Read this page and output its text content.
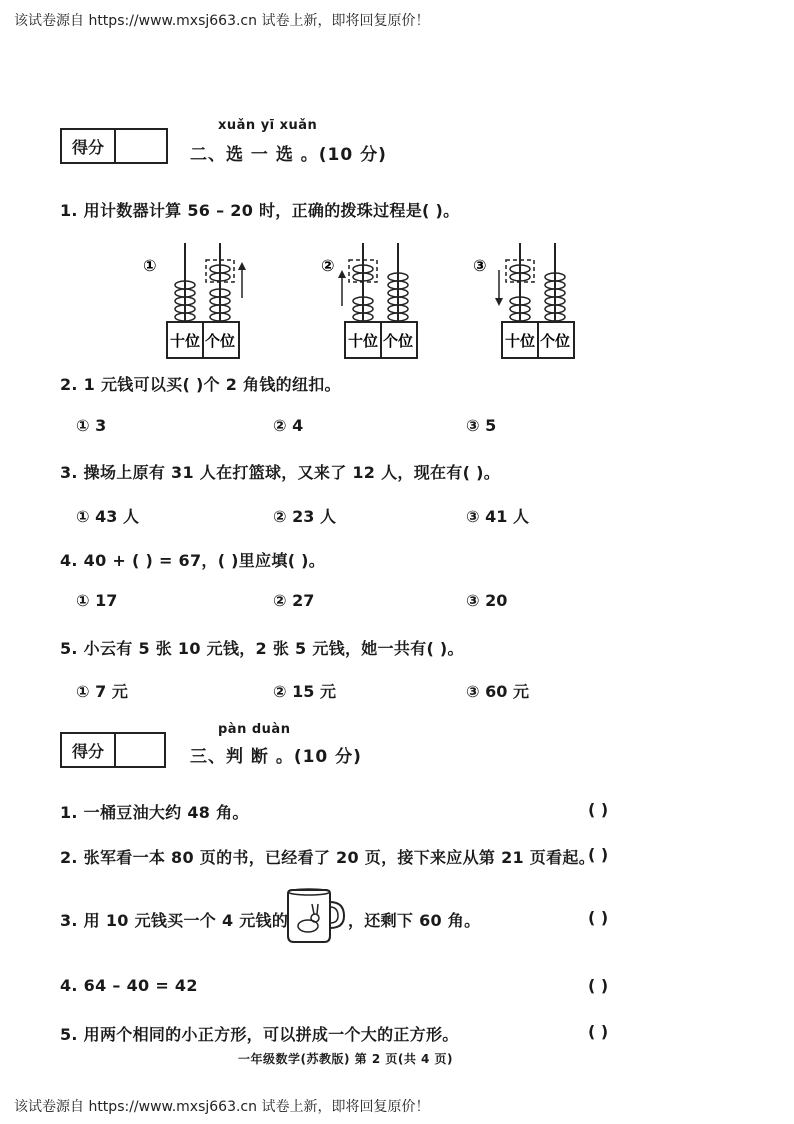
该试卷源自 https://www.mxsj663.cn 试卷上新，即将回复原价！
得分
xuǎn yī xuǎn
二、选 一 选 。(10 分)
1. 用计数器计算 56 – 20 时，正确的拨珠过程是( )。
①
十位 个位
②
十位 个位
③
十位 个位
2. 1 元钱可以买( )个 2 角钱的纽扣。
① 3	② 4	③ 5
3. 操场上原有 31 人在打篮球，又来了 12 人，现在有( )。
① 43 人	② 23 人	③ 41 人
4. 40 + ( ) = 67，( )里应填( )。
① 17	② 27	③ 20
5. 小云有 5 张 10 元钱，2 张 5 元钱，她一共有( )。
① 7 元	② 15 元	③ 60 元
得分
pàn duàn
三、判 断 。(10 分)
1. 一桶豆油大约 48 角。	( )
2. 张军看一本 80 页的书，已经看了 20 页，接下来应从第 21 页看起。
( )
3. 用 10 元钱买一个 4 元钱的	，还剩下 60 角。	( )
4. 64 – 40 = 42	( )
5. 用两个相同的小正方形，可以拼成一个大的正方形。	( )
一年级数学(苏教版) 第 2 页(共 4 页)
该试卷源自 https://www.mxsj663.cn 试卷上新，即将回复原价！
